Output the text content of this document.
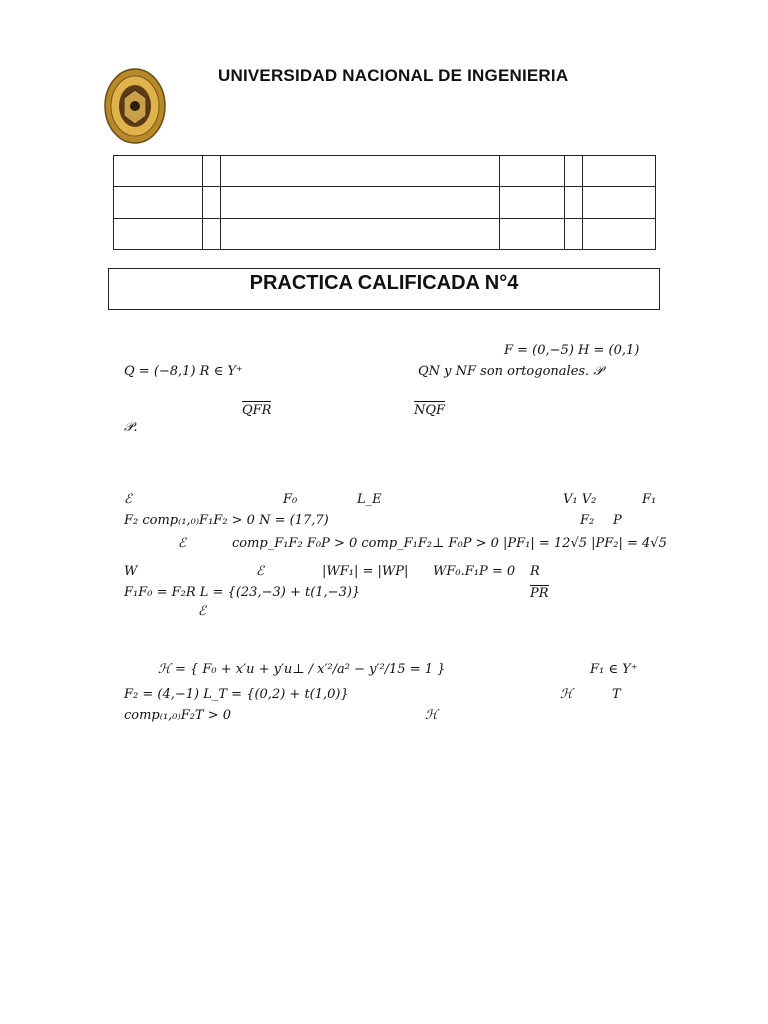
UNIVERSIDAD NACIONAL DE INGENIERIA

PRACTICA CALIFICADA N°4
F = (0,−5) H = (0,1)
Q = (−8,1) R ∈ Y⁺	QN y NF son ortogonales. 𝒫
QFR	NQF
𝒫.
ℰ	F₀	L_E	V₁ V₂	F₁
F₂ comp₍₁,₀₎F₁F₂ > 0 N = (17,7)	F₂ P
ℰ	comp_F₁F₂ F₀P > 0 comp_F₁F₂⊥ F₀P > 0 |PF₁| = 12√5 |PF₂| = 4√5
W	ℰ	|WF₁| = |WP| WF₀.F₁P = 0 R
F₁F₀ = F₂R L = {(23,−3) + t(1,−3)}	PR
ℰ
ℋ = { F₀ + x′u + y′u⊥ / x′²/a² − y′²/15 = 1 }	F₁ ∈ Y⁺
F₂ = (4,−1) L_T = {(0,2) + t(1,0)}	ℋ	T
comp₍₁,₀₎F₂T > 0	ℋ
